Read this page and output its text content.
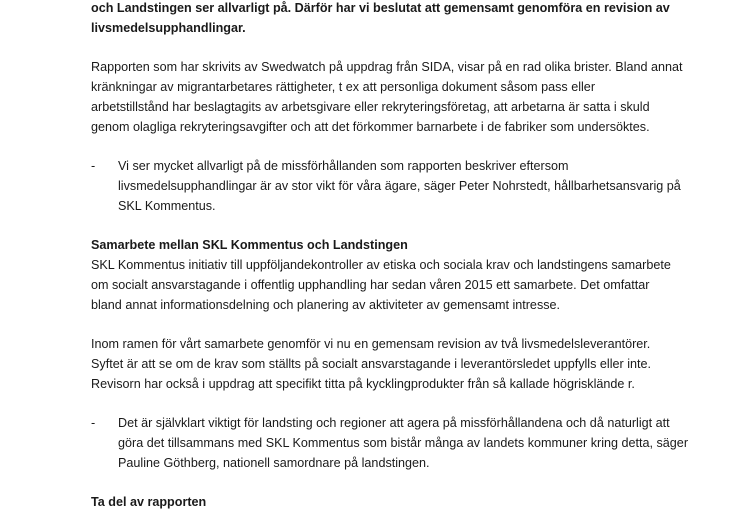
och Landstingen ser allvarligt på. Därför har vi beslutat att gemensamt genomföra en revision av
livsmedelsupphandlingar.
Rapporten som har skrivits av Swedwatch på uppdrag från SIDA, visar på en rad olika brister. Bland annat
kränkningar av migrantarbetares rättigheter, t ex att personliga dokument såsom pass eller
arbetstillstånd har beslagtagits av arbetsgivare eller rekryteringsföretag, att arbetarna är satta i skuld
genom olagliga rekryteringsavgifter och att det förkommer barnarbete i de fabriker som undersöktes.
- Vi ser mycket allvarligt på de missförhållanden som rapporten beskriver eftersom
livsmedelsupphandlingar är av stor vikt för våra ägare, säger Peter Nohrstedt, hållbarhetsansvarig på
SKL Kommentus.
Samarbete mellan SKL Kommentus och Landstingen
SKL Kommentus initiativ till uppföljandekontroller av etiska och sociala krav och landstingens samarbete
om socialt ansvarstagande i offentlig upphandling har sedan våren 2015 ett samarbete. Det omfattar
bland annat informationsdelning och planering av aktiviteter av gemensamt intresse.
Inom ramen för vårt samarbete genomför vi nu en gemensam revision av två livsmedelsleverantörer.
Syftet är att se om de krav som ställts på socialt ansvarstagande i leverantörsledet uppfylls eller inte.
Revisorn har också i uppdrag att specifikt titta på kycklingprodukter från så kallade högrisklände r.
- Det är självklart viktigt för landsting och regioner att agera på missförhållandena och då naturligt att
göra det tillsammans med SKL Kommentus som bistår många av landets kommuner kring detta, säger
Pauline Göthberg, nationell samordnare på landstingen.
Ta del av rapporten
